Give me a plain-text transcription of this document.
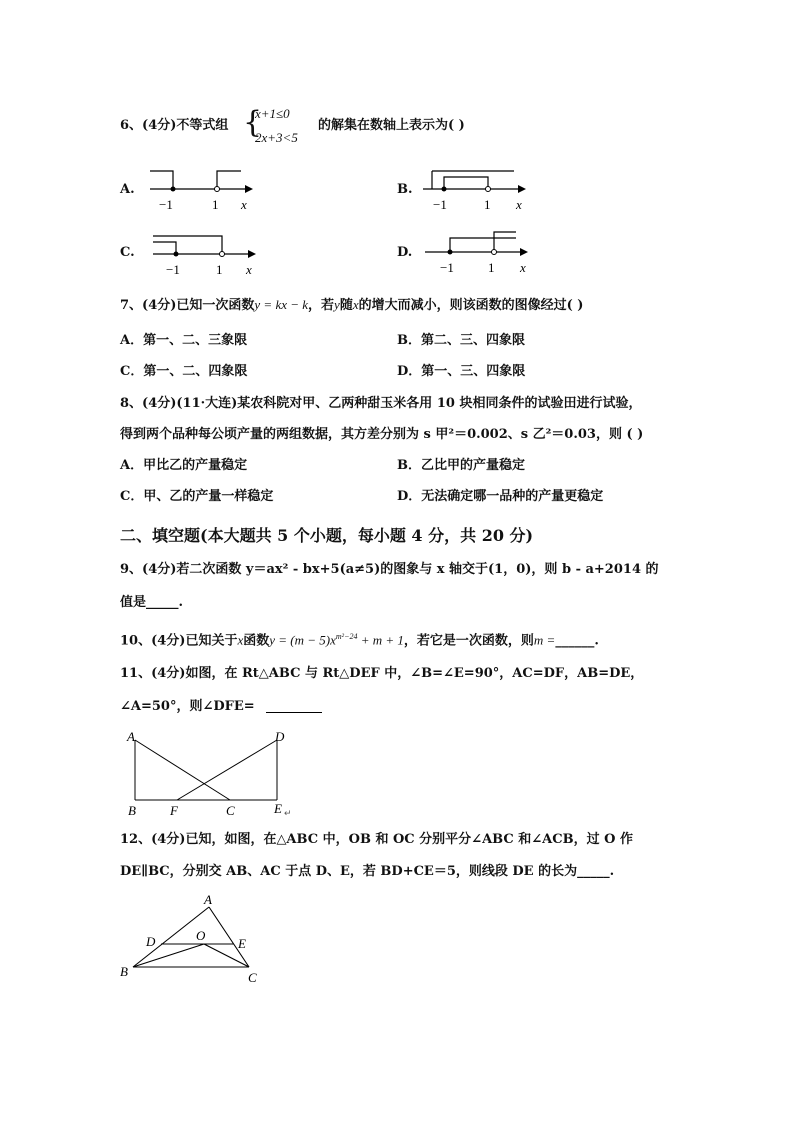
6、(4分)不等式组 {
x+1≤0
2x+3<5
的解集在数轴上表示为( )
A.
−1	1 x
B.
−1	1 x
C.
−1	1 x
D.
−1	1 x
7、(4分)已知一次函数y = kx − k，若y随x的增大而减小，则该函数的图像经过( )
A．第一、二、三象限	B．第二、三、四象限
C．第一、二、四象限	D．第一、三、四象限
8、(4分)(11·大连)某农科院对甲、乙两种甜玉米各用 10 块相同条件的试验田进行试验，
得到两个品种每公顷产量的两组数据，其方差分别为 s 甲²＝0.002、s 乙²＝0.03，则 ( )
A．甲比乙的产量稳定	B．乙比甲的产量稳定
C．甲、乙的产量一样稳定	D．无法确定哪一品种的产量更稳定
二、填空题(本大题共 5 个小题，每小题 4 分，共 20 分)
9、(4分)若二次函数 y＝ax² - bx+5(a≠5)的图象与 x 轴交于(1，0)，则 b - a+2014 的
值是_____.
10、(4分)已知关于x函数$y = (m - 5)x^{m^2-24} + m + 1$，若它是一次函数，则m =______.
11、(4分)如图，在 Rt△ABC 与 Rt△DEF 中，∠B=∠E=90°，AC=DF，AB=DE，
∠A=50°，则∠DFE=
A	D
B	F	C	E ↵
12、(4分)已知，如图，在△ABC 中，OB 和 OC 分别平分∠ABC 和∠ACB，过 O 作
DE∥BC，分别交 AB、AC 于点 D、E，若 BD+CE＝5，则线段 DE 的长为_____.
A
D	O
E
B	C
